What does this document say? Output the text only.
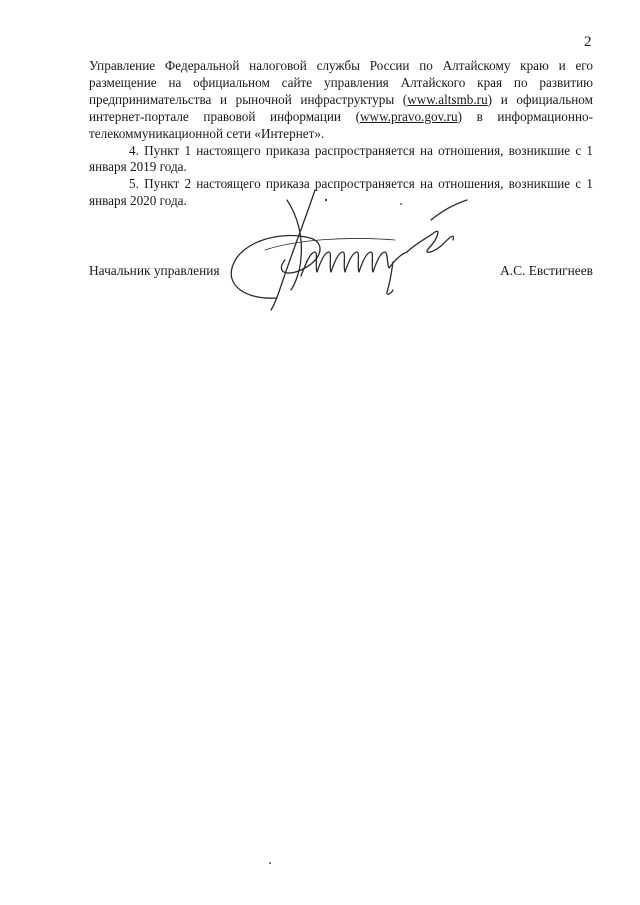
2

Управление Федеральной налоговой службы России по Алтайскому краю и его размещение на официальном сайте управления Алтайского края по развитию предпринимательства и рыночной инфраструктуры (www.altsmb.ru) и официальном интернет-портале правовой информации (www.pravo.gov.ru) в информационно-телекоммуникационной сети «Интернет».

4. Пункт 1 настоящего приказа распространяется на отношения, возникшие с 1 января 2019 года.

5. Пункт 2 настоящего приказа распространяется на отношения, возникшие с 1 января 2020 года.

Начальник управления	А.С. Евстигнеев
